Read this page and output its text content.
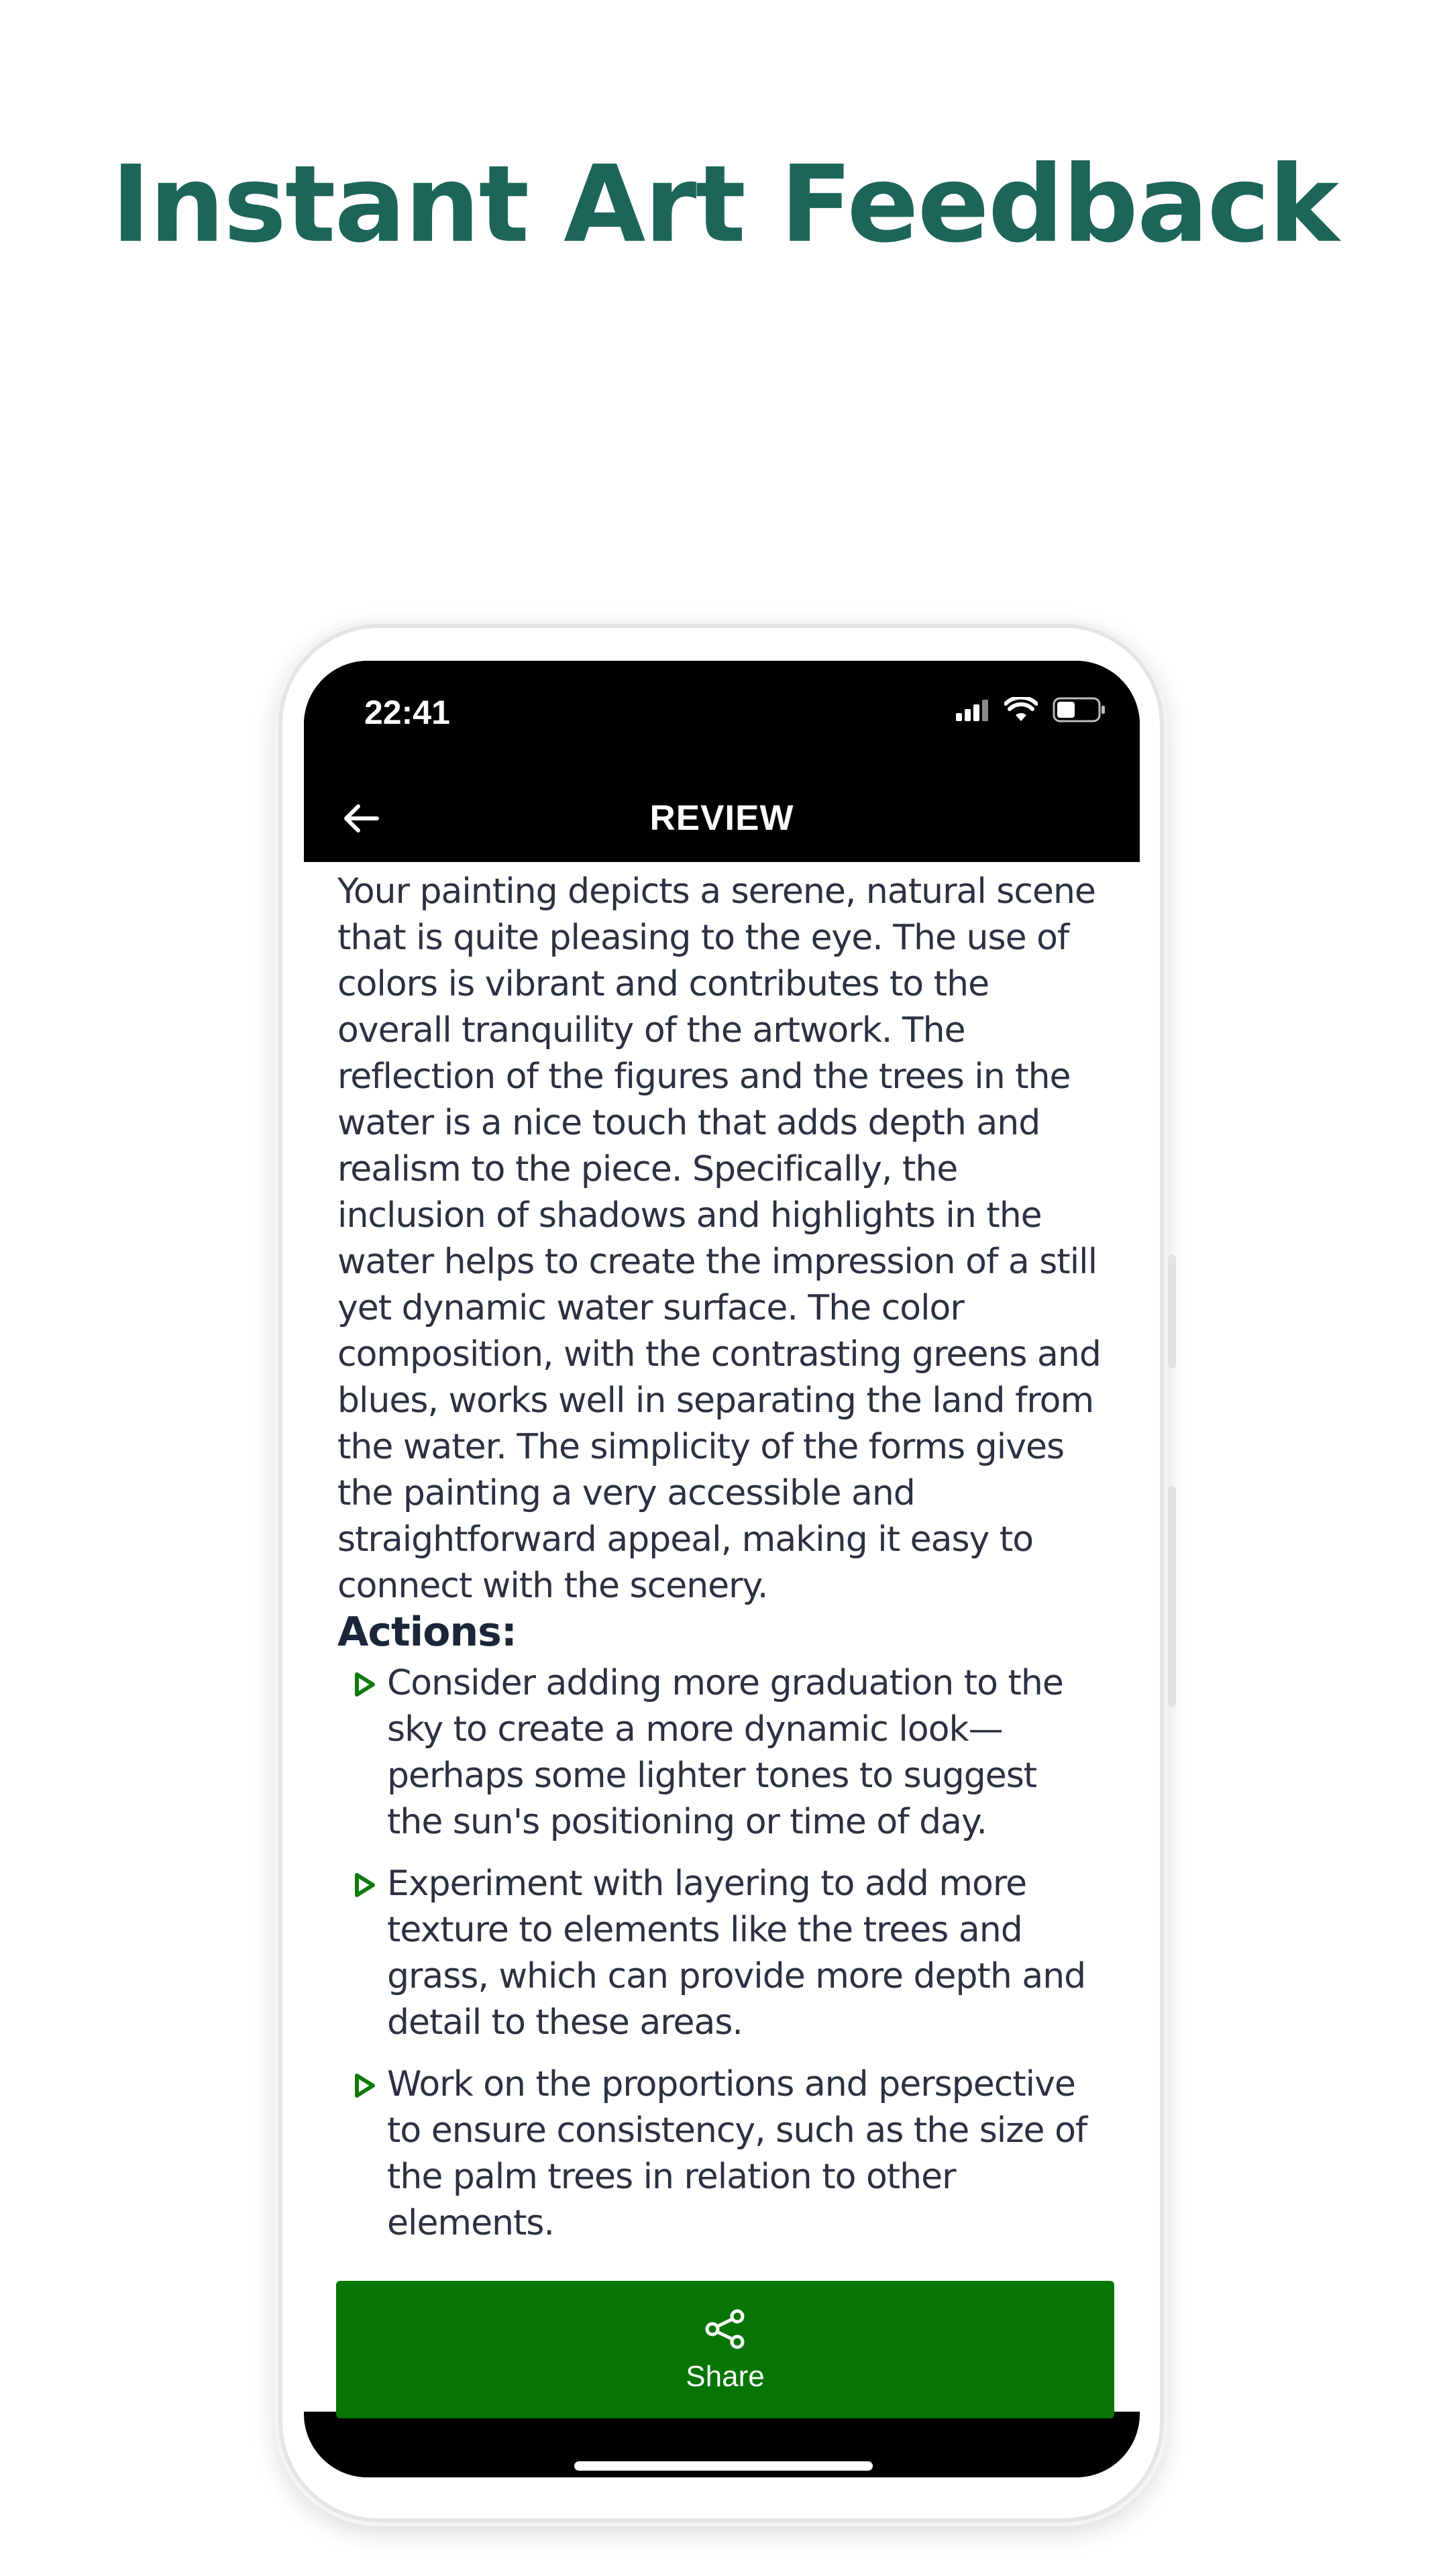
Instant Art Feedback
22:41
REVIEW

Your painting depicts a serene, natural scene
that is quite pleasing to the eye. The use of
colors is vibrant and contributes to the
overall tranquility of the artwork. The
reflection of the figures and the trees in the
water is a nice touch that adds depth and
realism to the piece. Specifically, the
inclusion of shadows and highlights in the
water helps to create the impression of a still
yet dynamic water surface. The color
composition, with the contrasting greens and
blues, works well in separating the land from
the water. The simplicity of the forms gives
the painting a very accessible and
straightforward appeal, making it easy to
connect with the scenery.

Actions:
Consider adding more graduation to the
sky to create a more dynamic look—
perhaps some lighter tones to suggest
the sun's positioning or time of day.
Experiment with layering to add more
texture to elements like the trees and
grass, which can provide more depth and
detail to these areas.
Work on the proportions and perspective
to ensure consistency, such as the size of
the palm trees in relation to other
elements.
Share
